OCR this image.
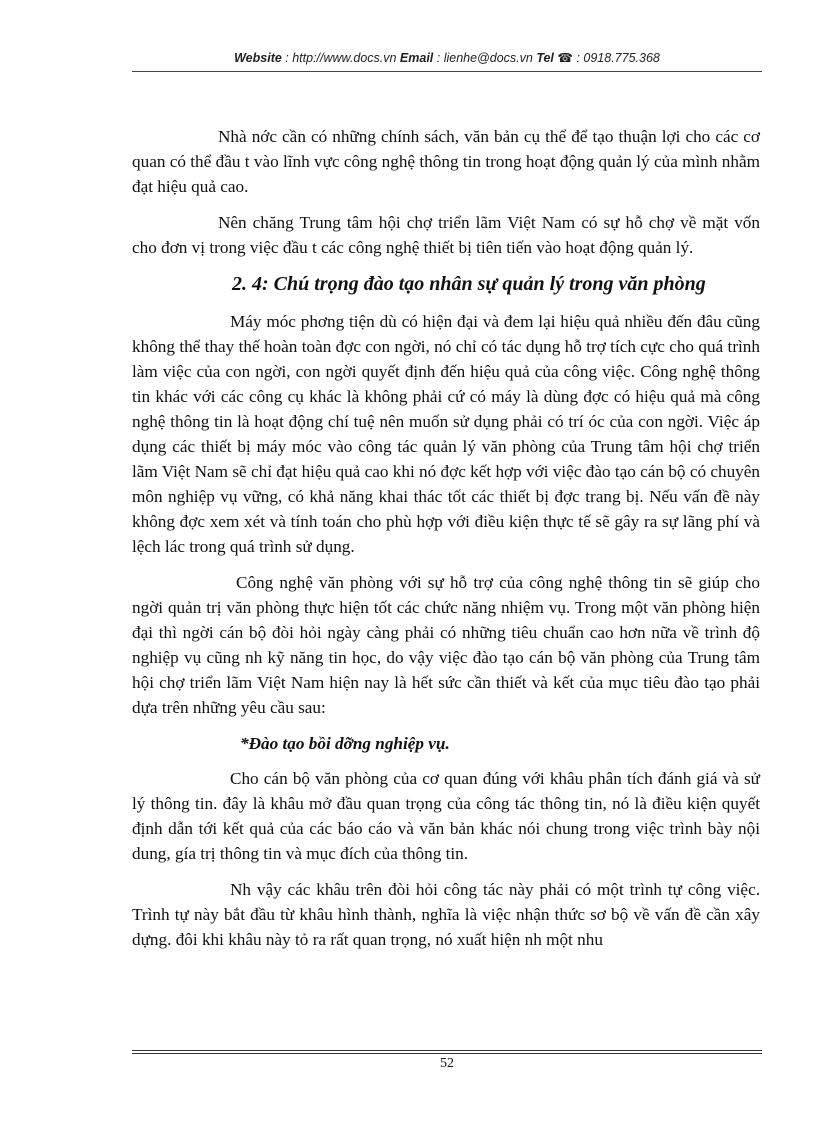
Website : http://www.docs.vn Email : lienhe@docs.vn Tel ☎ : 0918.775.368

Nhà nớc cần có những chính sách, văn bản cụ thể để tạo thuận lợi cho các cơ quan có thể đầu t vào lĩnh vực công nghệ thông tin trong hoạt động quản lý của mình nhằm đạt hiệu quả cao.

Nên chăng Trung tâm hội chợ triển lãm Việt Nam có sự hỗ chợ về mặt vốn cho đơn vị trong việc đầu t các công nghệ thiết bị tiên tiến vào hoạt động quản lý.

2. 4: Chú trọng đào tạo nhân sự quản lý trong văn phòng

Máy móc phơng tiện dù có hiện đại và đem lại hiệu quả nhiều đến đâu cũng không thể thay thế hoàn toàn đợc con ngời, nó chỉ có tác dụng hỗ trợ tích cực cho quá trình làm việc của con ngời, con ngời quyết định đến hiệu quả của công việc. Công nghệ thông tin khác với các công cụ khác là không phải cứ có máy là dùng đợc có hiệu quả mà công nghệ thông tin là hoạt động chí tuệ nên muốn sử dụng phải có trí óc của con ngời. Việc áp dụng các thiết bị máy móc vào công tác quản lý văn phòng của Trung tâm hội chợ triển lãm Việt Nam sẽ chỉ đạt hiệu quả cao khi nó đợc kết hợp với việc đào tạo cán bộ có chuyên môn nghiệp vụ vững, có khả năng khai thác tốt các thiết bị đợc trang bị. Nếu vấn đề này không đợc xem xét và tính toán cho phù hợp với điều kiện thực tế sẽ gây ra sự lãng phí và lệch lác trong quá trình sử dụng.

Công nghệ văn phòng với sự hỗ trợ của công nghệ thông tin sẽ giúp cho ngời quản trị văn phòng thực hiện tốt các chức năng nhiệm vụ. Trong một văn phòng hiện đại thì ngời cán bộ đòi hỏi ngày càng phải có những tiêu chuẩn cao hơn nữa về trình độ nghiệp vụ cũng nh kỹ năng tin học, do vậy việc đào tạo cán bộ văn phòng của Trung tâm hội chợ triển lãm Việt Nam hiện nay là hết sức cần thiết và kết của mục tiêu đào tạo phải dựa trên những yêu cầu sau:

*Đào tạo bồi dỡng nghiệp vụ.

Cho cán bộ văn phòng của cơ quan đúng với khâu phân tích đánh giá và sử lý thông tin. đây là khâu mở đầu quan trọng của công tác thông tin, nó là điều kiện quyết định dẫn tới kết quả của các báo cáo và văn bản khác nói chung trong việc trình bày nội dung, gía trị thông tin và mục đích của thông tin.

Nh vậy các khâu trên đòi hỏi công tác này phải có một trình tự công việc. Trình tự này bắt đầu từ khâu hình thành, nghĩa là việc nhận thức sơ bộ về vấn đề cần xây dựng. đôi khi khâu này tỏ ra rất quan trọng, nó xuất hiện nh một nhu

52
